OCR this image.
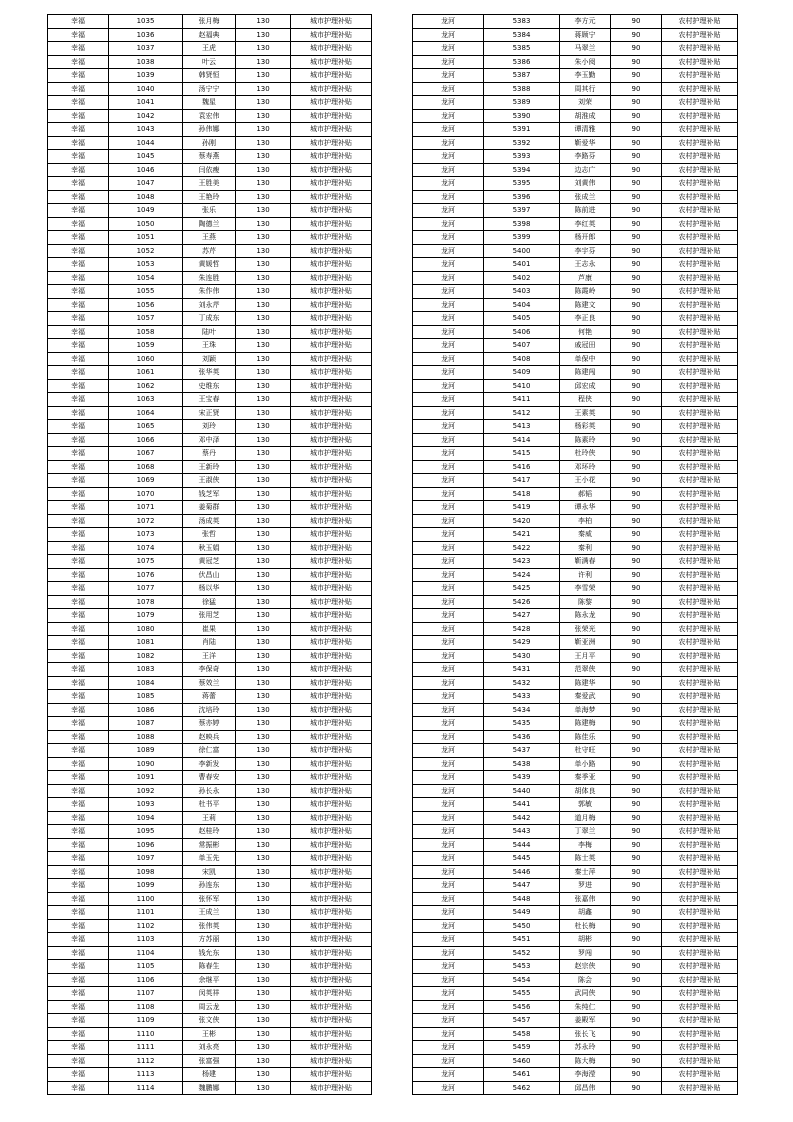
幸福	1035	张月梅	130	城市护理补贴
幸福	1036	赵福典	130	城市护理补贴
幸福	1037	王虎	130	城市护理补贴
幸福	1038	叶云	130	城市护理补贴
幸福	1039	韩贤恒	130	城市护理补贴
幸福	1040	汤宁宁	130	城市护理补贴
幸福	1041	魏星	130	城市护理补贴
幸福	1042	袁宏伟	130	城市护理补贴
幸福	1043	孙伟娜	130	城市护理补贴
幸福	1044	孙刚	130	城市护理补贴
幸福	1045	蔡寿燕	130	城市护理补贴
幸福	1046	闫依瘦	130	城市护理补贴
幸福	1047	王胜美	130	城市护理补贴
幸福	1048	王艳玲	130	城市护理补贴
幸福	1049	张乐	130	城市护理补贴
幸福	1050	陶德兰	130	城市护理补贴
幸福	1051	王燕	130	城市护理补贴
幸福	1052	苏芹	130	城市护理补贴
幸福	1053	黄媛哲	130	城市护理补贴
幸福	1054	朱连胜	130	城市护理补贴
幸福	1055	朱作伟	130	城市护理补贴
幸福	1056	刘永芹	130	城市护理补贴
幸福	1057	丁成东	130	城市护理补贴
幸福	1058	陆叶	130	城市护理补贴
幸福	1059	王珠	130	城市护理补贴
幸福	1060	刘颖	130	城市护理补贴
幸福	1061	张华英	130	城市护理补贴
幸福	1062	史维东	130	城市护理补贴
幸福	1063	王宝春	130	城市护理补贴
幸福	1064	宋正贤	130	城市护理补贴
幸福	1065	刘玲	130	城市护理补贴
幸福	1066	邓中泽	130	城市护理补贴
幸福	1067	蔡丹	130	城市护理补贴
幸福	1068	王新玲	130	城市护理补贴
幸福	1069	王淑侠	130	城市护理补贴
幸福	1070	钱芝军	130	城市护理补贴
幸福	1071	姜菊群	130	城市护理补贴
幸福	1072	汤成英	130	城市护理补贴
幸福	1073	张哲	130	城市护理补贴
幸福	1074	秋玉娟	130	城市护理补贴
幸福	1075	黄冠芝	130	城市护理补贴
幸福	1076	伏昌山	130	城市护理补贴
幸福	1077	杨以华	130	城市护理补贴
幸福	1078	徐猛	130	城市护理补贴
幸福	1079	张用芝	130	城市护理补贴
幸福	1080	崔果	130	城市护理补贴
幸福	1081	肖陆	130	城市护理补贴
幸福	1082	王洋	130	城市护理补贴
幸福	1083	李保奇	130	城市护理补贴
幸福	1084	蔡效兰	130	城市护理补贴
幸福	1085	蒋蕾	130	城市护理补贴
幸福	1086	沈培玲	130	城市护理补贴
幸福	1087	蔡亦婷	130	城市护理补贴
幸福	1088	赵映兵	130	城市护理补贴
幸福	1089	徐仁富	130	城市护理补贴
幸福	1090	李新发	130	城市护理补贴
幸福	1091	曹春安	130	城市护理补贴
幸福	1092	孙长永	130	城市护理补贴
幸福	1093	杜书平	130	城市护理补贴
幸福	1094	王莉	130	城市护理补贴
幸福	1095	赵桂玲	130	城市护理补贴
幸福	1096	常振彬	130	城市护理补贴
幸福	1097	单玉先	130	城市护理补贴
幸福	1098	宋凯	130	城市护理补贴
幸福	1099	孙连东	130	城市护理补贴
幸福	1100	张怀军	130	城市护理补贴
幸福	1101	王成兰	130	城市护理补贴
幸福	1102	张伟英	130	城市护理补贴
幸福	1103	方苏丽	130	城市护理补贴
幸福	1104	钱允东	130	城市护理补贴
幸福	1105	陈春生	130	城市护理补贴
幸福	1106	余继平	130	城市护理补贴
幸福	1107	闵英祥	130	城市护理补贴
幸福	1108	周云龙	130	城市护理补贴
幸福	1109	张文侠	130	城市护理补贴
幸福	1110	王彬	130	城市护理补贴
幸福	1111	刘永亮	130	城市护理补贴
幸福	1112	张富强	130	城市护理补贴
幸福	1113	杨建	130	城市护理补贴
幸福	1114	魏鹏娜	130	城市护理补贴
龙河	5383	李方元	90	农村护理补贴
龙河	5384	蒋顾宁	90	农村护理补贴
龙河	5385	马翠兰	90	农村护理补贴
龙河	5386	朱小阅	90	农村护理补贴
龙河	5387	李玉勤	90	农村护理补贴
龙河	5388	周其行	90	农村护理补贴
龙河	5389	刘荣	90	农村护理补贴
龙河	5390	胡淮成	90	农村护理补贴
龙河	5391	谭清雅	90	农村护理补贴
龙河	5392	靳爱华	90	农村护理补贴
龙河	5393	李路芬	90	农村护理补贴
龙河	5394	边志广	90	农村护理补贴
龙河	5395	刘黄伟	90	农村护理补贴
龙河	5396	张成兰	90	农村护理补贴
龙河	5397	陈前进	90	农村护理补贴
龙河	5398	李红英	90	农村护理补贴
龙河	5399	杨开郎	90	农村护理补贴
龙河	5400	李宇芬	90	农村护理补贴
龙河	5401	王志永	90	农村护理补贴
龙河	5402	芦康	90	农村护理补贴
龙河	5403	陈霞岭	90	农村护理补贴
龙河	5404	陈建文	90	农村护理补贴
龙河	5405	李正良	90	农村护理补贴
龙河	5406	何艳	90	农村护理补贴
龙河	5407	戚冠田	90	农村护理补贴
龙河	5408	单保中	90	农村护理补贴
龙河	5409	陈建闯	90	农村护理补贴
龙河	5410	邱宏成	90	农村护理补贴
龙河	5411	程侠	90	农村护理补贴
龙河	5412	王素英	90	农村护理补贴
龙河	5413	杨彩英	90	农村护理补贴
龙河	5414	陈素玲	90	农村护理补贴
龙河	5415	杜玲侠	90	农村护理补贴
龙河	5416	邓环玲	90	农村护理补贴
龙河	5417	王小花	90	农村护理补贴
龙河	5418	郝韬	90	农村护理补贴
龙河	5419	谭永华	90	农村护理补贴
龙河	5420	李柏	90	农村护理补贴
龙河	5421	秦威	90	农村护理补贴
龙河	5422	秦利	90	农村护理补贴
龙河	5423	靳满春	90	农村护理补贴
龙河	5424	许利	90	农村护理补贴
龙河	5425	李雪荣	90	农村护理补贴
龙河	5426	陈黎	90	农村护理补贴
龙河	5427	陈永龙	90	农村护理补贴
龙河	5428	张荣光	90	农村护理补贴
龙河	5429	靳亚洲	90	农村护理补贴
龙河	5430	王月平	90	农村护理补贴
龙河	5431	范翠侠	90	农村护理补贴
龙河	5432	陈建华	90	农村护理补贴
龙河	5433	秦爱武	90	农村护理补贴
龙河	5434	单海梦	90	农村护理补贴
龙河	5435	陈建梅	90	农村护理补贴
龙河	5436	陈佳乐	90	农村护理补贴
龙河	5437	杜守旺	90	农村护理补贴
龙河	5438	单小路	90	农村护理补贴
龙河	5439	秦季亚	90	农村护理补贴
龙河	5440	胡体良	90	农村护理补贴
龙河	5441	郭敏	90	农村护理补贴
龙河	5442	道月梅	90	农村护理补贴
龙河	5443	丁翠兰	90	农村护理补贴
龙河	5444	李梅	90	农村护理补贴
龙河	5445	陈士英	90	农村护理补贴
龙河	5446	秦士萍	90	农村护理补贴
龙河	5447	罗进	90	农村护理补贴
龙河	5448	张嘉伟	90	农村护理补贴
龙河	5449	胡鑫	90	农村护理补贴
龙河	5450	杜长梅	90	农村护理补贴
龙河	5451	胡彬	90	农村护理补贴
龙河	5452	罗闯	90	农村护理补贴
龙河	5453	赵宗侠	90	农村护理补贴
龙河	5454	陈会	90	农村护理补贴
龙河	5455	武同侠	90	农村护理补贴
龙河	5456	朱纯仁	90	农村护理补贴
龙河	5457	姜殿军	90	农村护理补贴
龙河	5458	张长飞	90	农村护理补贴
龙河	5459	苏永玲	90	农村护理补贴
龙河	5460	陈大梅	90	农村护理补贴
龙河	5461	李海滢	90	农村护理补贴
龙河	5462	邱昌伟	90	农村护理补贴
